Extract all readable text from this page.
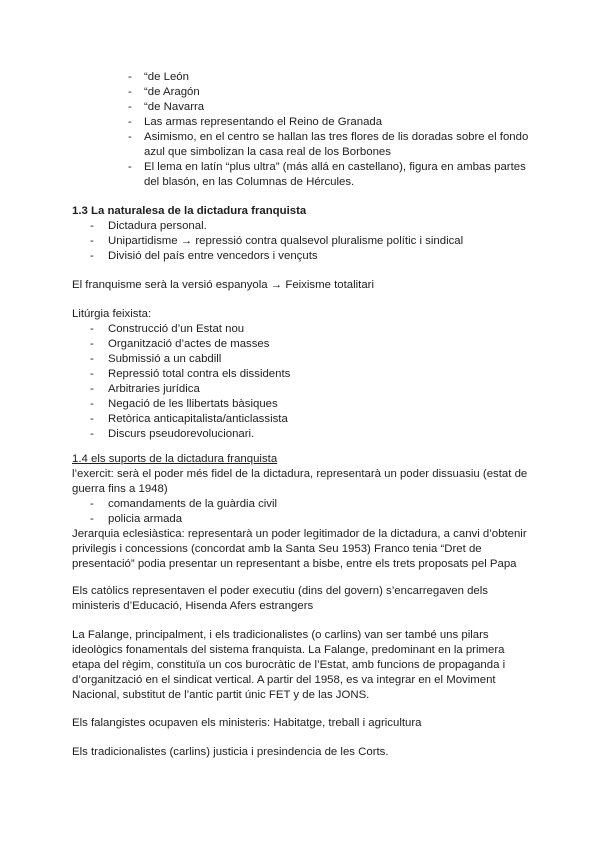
- “de León
- “de Aragón
- “de Navarra
- Las armas representando el Reino de Granada
- Asimismo, en el centro se hallan las tres flores de lis doradas sobre el fondo azul que simbolizan la casa real de los Borbones
- El lema en latín “plus ultra” (más allá en castellano), figura en ambas partes del blasón, en las Columnas de Hércules.

1.3 La naturalesa de la dictadura franquista

- Dictadura personal.
- Unipartidisme → repressió contra qualsevol pluralisme polític i sindical
- Divisió del país entre vencedors i vençuts

El franquisme serà la versió espanyola → Feixisme totalitari

Litúrgia feixista:

- Construcció d’un Estat nou
- Organització d’actes de masses
- Submissió a un cabdill
- Repressió total contra els dissidents
- Arbitraries jurídica
- Negació de les llibertats bàsiques
- Retòrica anticapitalista/anticlassista
- Discurs pseudorevolucionari.

1.4 els suports de la dictadura franquista

l’exercit: serà el poder més fidel de la dictadura, representarà un poder dissuasiu (estat de guerra fins a 1948)

- comandaments de la guàrdia civil
- policia armada

Jerarquia eclesiàstica: representarà un poder legitimador de la dictadura, a canvi d’obtenir privilegis i concessions (concordat amb la Santa Seu 1953) Franco tenia “Dret de presentació” podia presentar un representant a bisbe, entre els trets proposats pel Papa

Els catòlics representaven el poder executiu (dins del govern) s’encarregaven dels ministeris d’Educació, Hisenda Afers estrangers

La Falange, principalment, i els tradicionalistes (o carlins) van ser també uns pilars ideològics fonamentals del sistema franquista. La Falange, predominant en la primera etapa del règim, constituïa un cos burocràtic de l’Estat, amb funcions de propaganda i d’organització en el sindicat vertical. A partir del 1958, es va integrar en el Moviment Nacional, substitut de l’antic partit únic FET y de las JONS.

Els falangistes ocupaven els ministeris: Habitatge, treball i agricultura

Els tradicionalistes (carlins) justicia i presindencia de les Corts.
